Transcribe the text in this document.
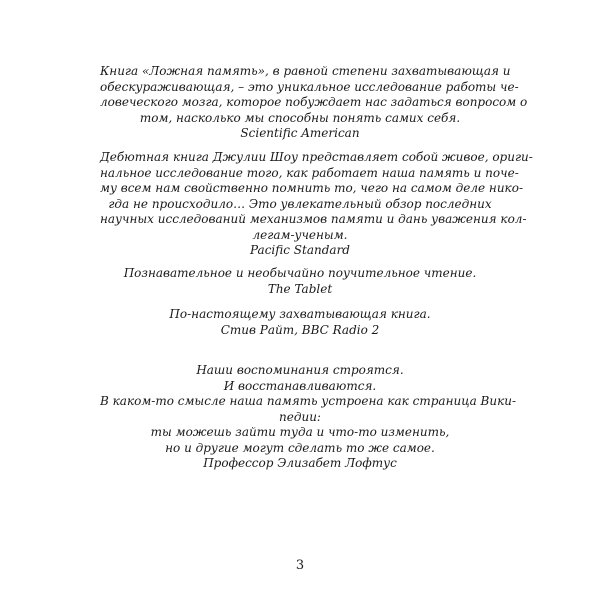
Книга «Ложная память», в равной степени захватывающая и
обескураживающая, – это уникальное исследование работы че-
ловеческого мозга, которое побуждает нас задаться вопросом о
том, насколько мы способны понять самих себя.
Scientific American
Дебютная книга Джулии Шоу представляет собой живое, ориги-
нальное исследование того, как работает наша память и поче-
му всем нам свойственно помнить то, чего на самом деле нико-
гда не происходило… Это увлекательный обзор последних
научных исследований механизмов памяти и дань уважения кол-
легам-ученым.
Pacific Standard
Познавательное и необычайно поучительное чтение.
The Tablet
По-настоящему захватывающая книга.
Стив Райт, BBC Radio 2
Наши воспоминания строятся.
И восстанавливаются.
В каком-то смысле наша память устроена как страница Вики-
педии:
ты можешь зайти туда и что-то изменить,
но и другие могут сделать то же самое.
Профессор Элизабет Лофтус
3
